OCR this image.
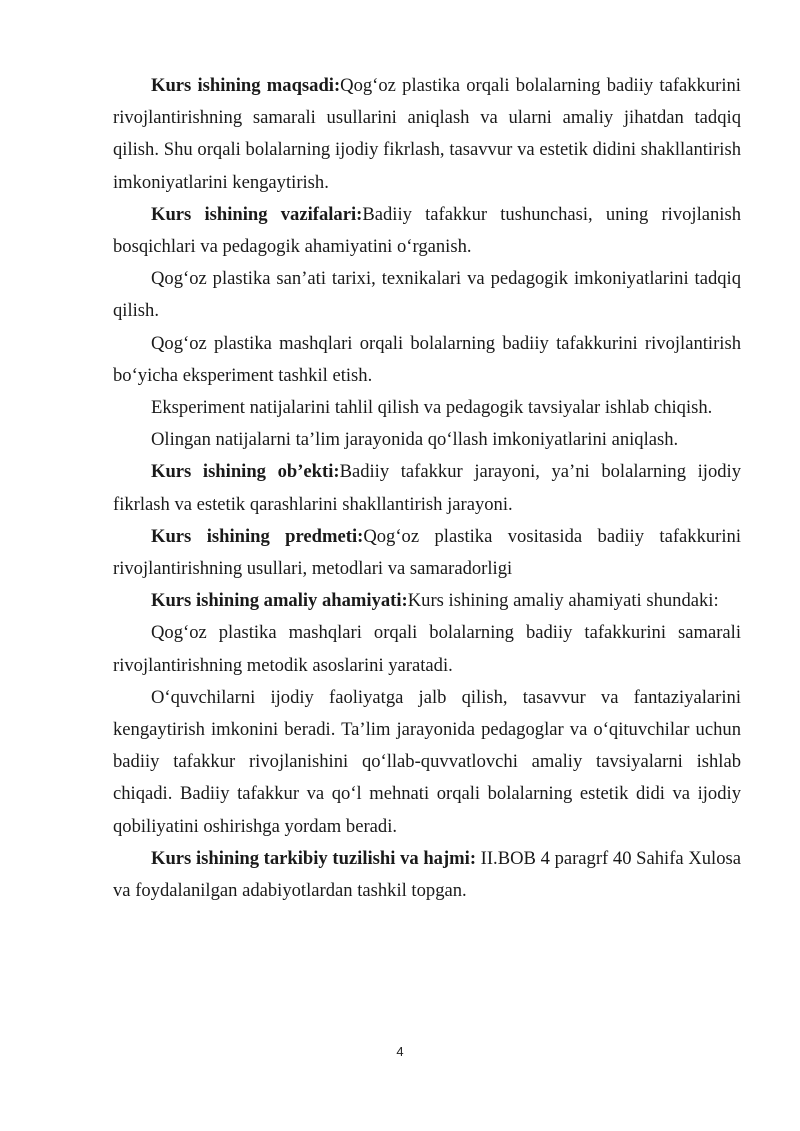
Kurs ishining maqsadi:Qog‘oz plastika orqali bolalarning badiiy tafakkurini rivojlantirishning samarali usullarini aniqlash va ularni amaliy jihatdan tadqiq qilish. Shu orqali bolalarning ijodiy fikrlash, tasavvur va estetik didini shakllantirish imkoniyatlarini kengaytirish.

Kurs ishining vazifalari:Badiiy tafakkur tushunchasi, uning rivojlanish bosqichlari va pedagogik ahamiyatini o‘rganish.

Qog‘oz plastika san’ati tarixi, texnikalari va pedagogik imkoniyatlarini tadqiq qilish.

Qog‘oz plastika mashqlari orqali bolalarning badiiy tafakkurini rivojlantirish bo‘yicha eksperiment tashkil etish.

Eksperiment natijalarini tahlil qilish va pedagogik tavsiyalar ishlab chiqish.

Olingan natijalarni ta’lim jarayonida qo‘llash imkoniyatlarini aniqlash.

Kurs ishining ob’ekti:Badiiy tafakkur jarayoni, ya’ni bolalarning ijodiy fikrlash va estetik qarashlarini shakllantirish jarayoni.

Kurs ishining predmeti:Qog‘oz plastika vositasida badiiy tafakkurini rivojlantirishning usullari, metodlari va samaradorligi

Kurs ishining amaliy ahamiyati:Kurs ishining amaliy ahamiyati shundaki:

Qog‘oz plastika mashqlari orqali bolalarning badiiy tafakkurini samarali rivojlantirishning metodik asoslarini yaratadi.

O‘quvchilarni ijodiy faoliyatga jalb qilish, tasavvur va fantaziyalarini kengaytirish imkonini beradi. Ta’lim jarayonida pedagoglar va o‘qituvchilar uchun badiiy tafakkur rivojlanishini qo‘llab-quvvatlovchi amaliy tavsiyalarni ishlab chiqadi. Badiiy tafakkur va qo‘l mehnati orqali bolalarning estetik didi va ijodiy qobiliyatini oshirishga yordam beradi.

Kurs ishining tarkibiy tuzilishi va hajmi: II.BOB 4 paragrf 40 Sahifa Xulosa va foydalanilgan adabiyotlardan tashkil topgan.

4
